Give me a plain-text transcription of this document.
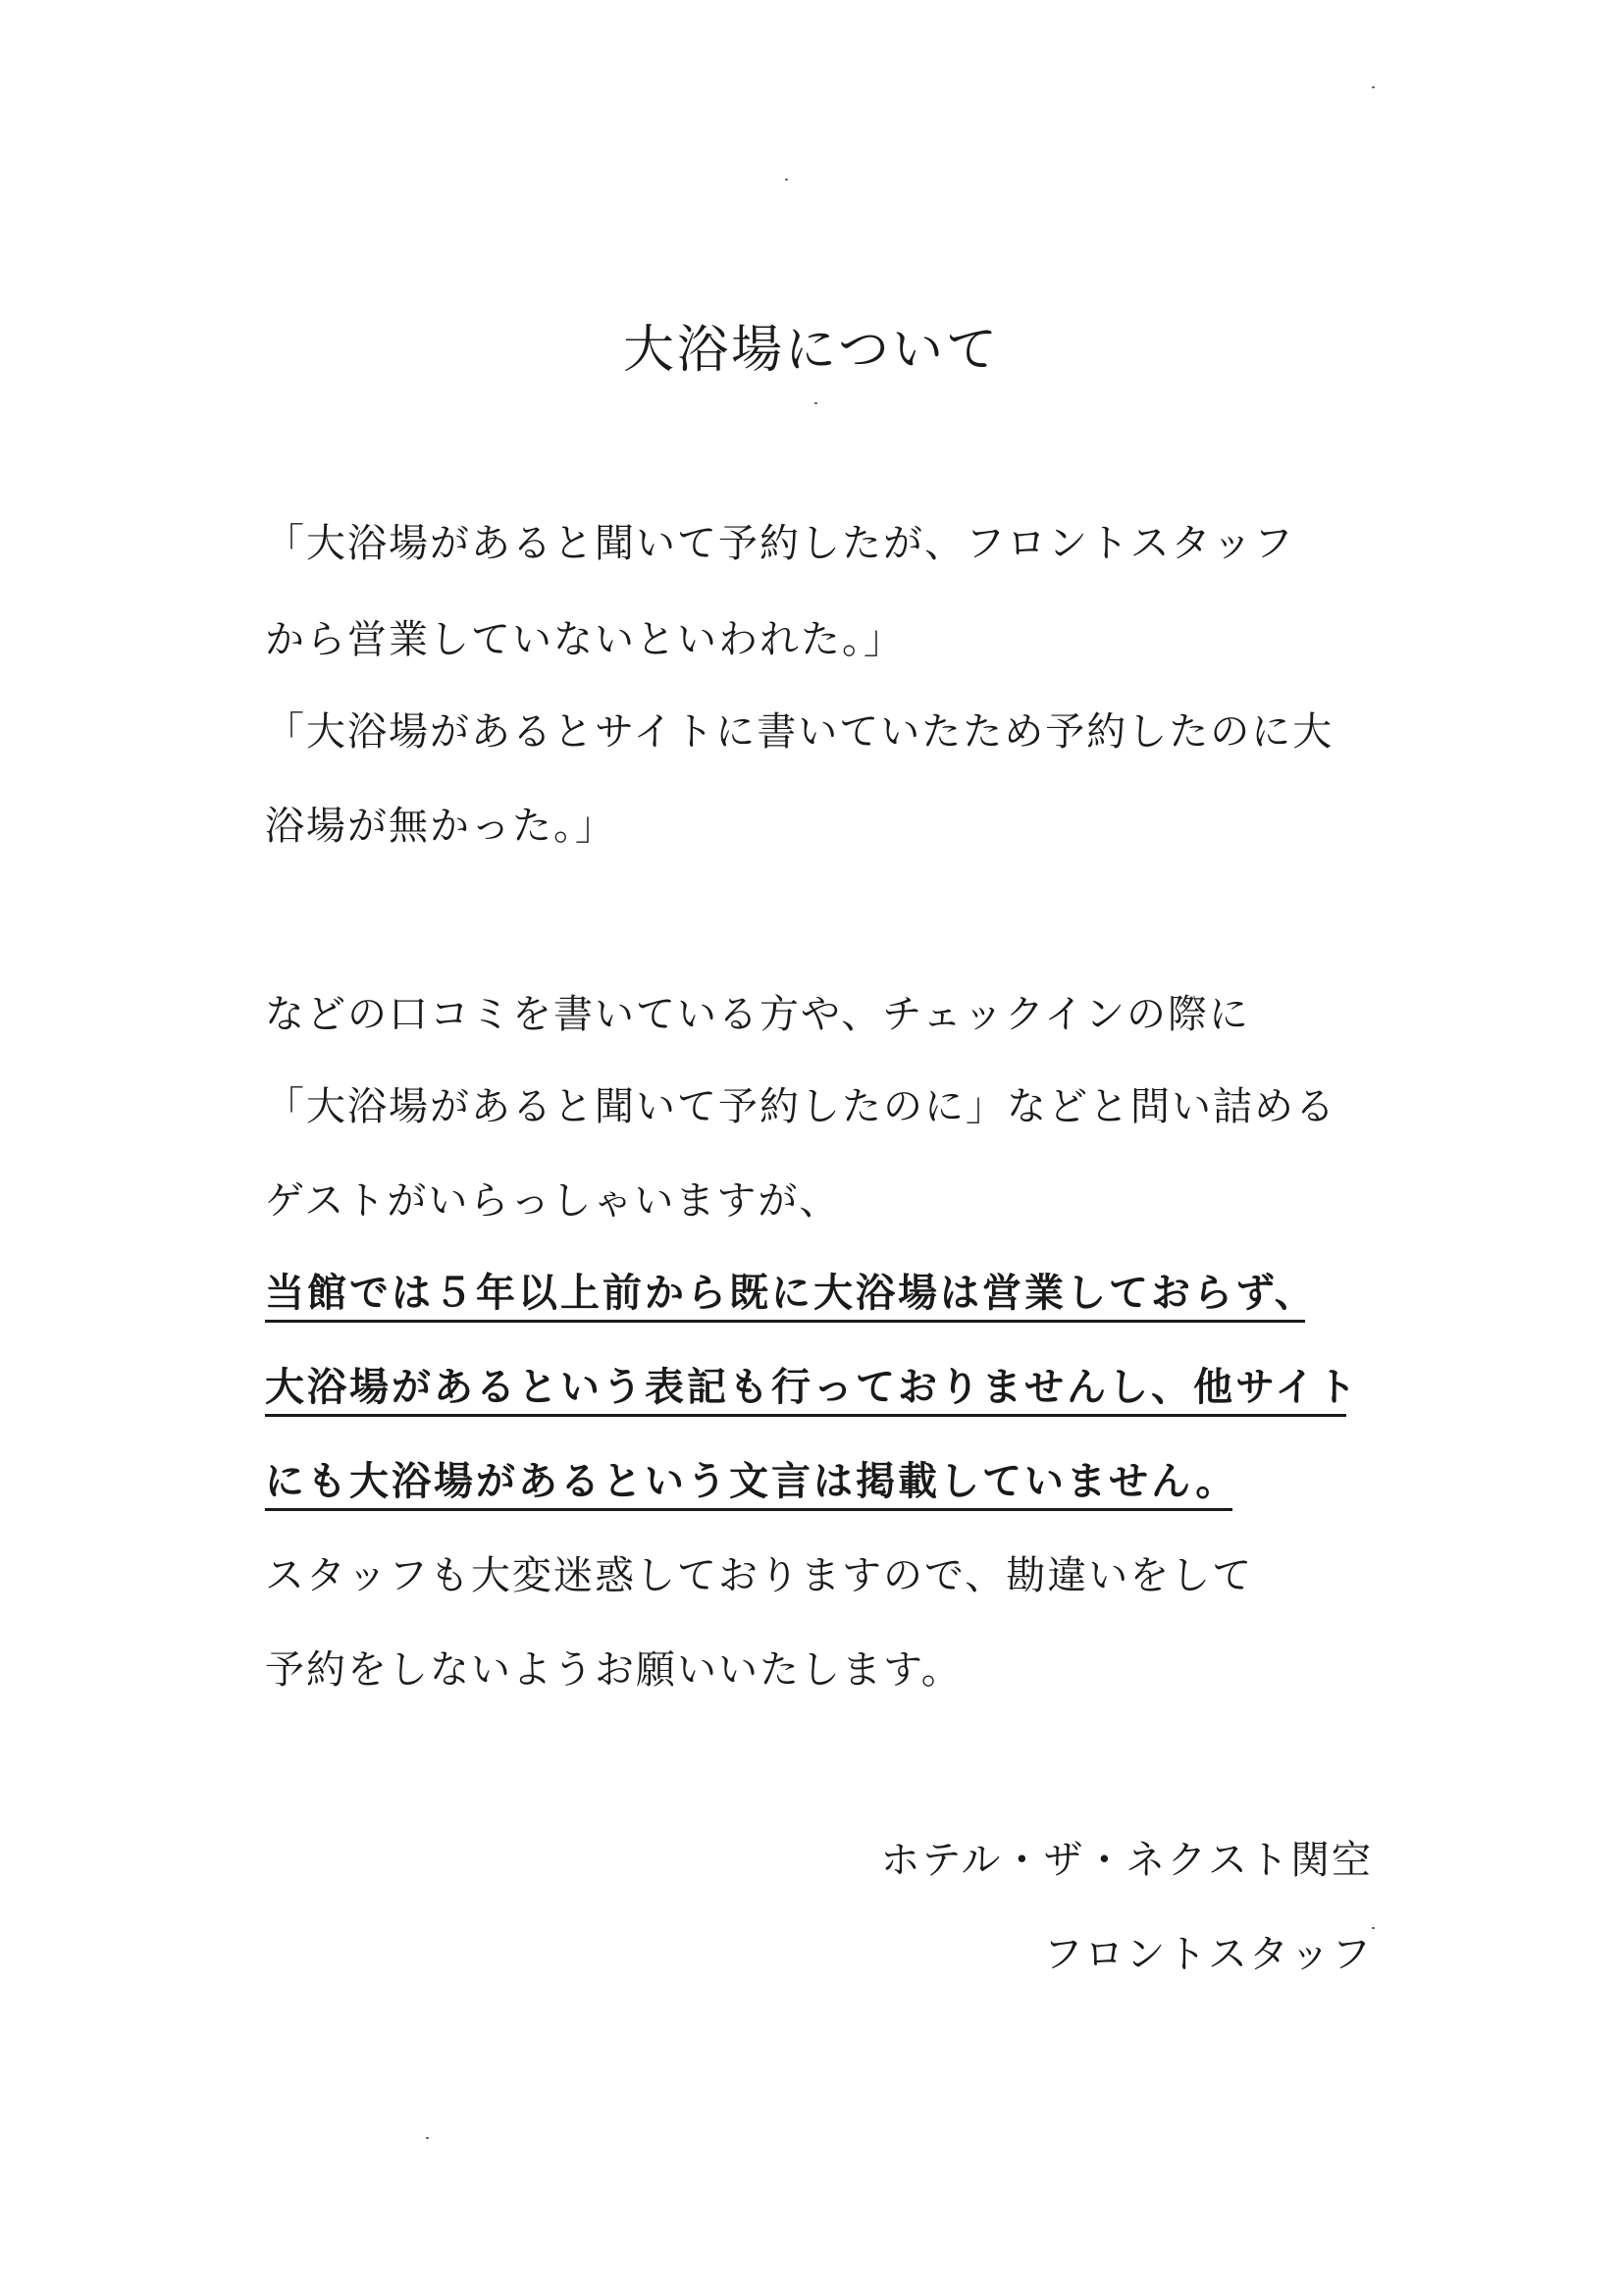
大浴場について
「大浴場があると聞いて予約したが、フロントスタッフ
から営業していないといわれた。」
「大浴場があるとサイトに書いていたため予約したのに大
浴場が無かった。」
などの口コミを書いている方や、チェックインの際に
「大浴場があると聞いて予約したのに」などと問い詰める
ゲストがいらっしゃいますが、
当館では５年以上前から既に大浴場は営業しておらず、
大浴場があるという表記も行っておりませんし、他サイト
にも大浴場があるという文言は掲載していません。
スタッフも大変迷惑しておりますので、勘違いをして
予約をしないようお願いいたします。
ホテル・ザ・ネクスト関空
フロントスタッフ
